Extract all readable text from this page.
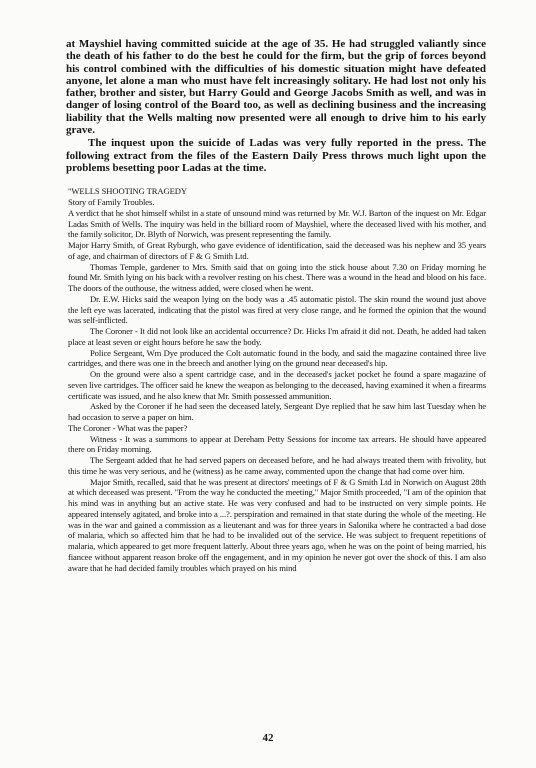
at Mayshiel having committed suicide at the age of 35. He had struggled valiantly since the death of his father to do the best he could for the firm, but the grip of forces beyond his control combined with the difficulties of his domestic situation might have defeated anyone, let alone a man who must have felt increasingly solitary. He had lost not only his father, brother and sister, but Harry Gould and George Jacobs Smith as well, and was in danger of losing control of the Board too, as well as declining business and the increasing liability that the Wells malting now presented were all enough to drive him to his early grave.

The inquest upon the suicide of Ladas was very fully reported in the press. The following extract from the files of the Eastern Daily Press throws much light upon the problems besetting poor Ladas at the time.

"WELLS SHOOTING TRAGEDY

Story of Family Troubles.

A verdict that he shot himself whilst in a state of unsound mind was returned by Mr. W.J. Barton of the inquest on Mr. Edgar Ladas Smith of Wells. The inquiry was held in the billiard room of Mayshiel, where the deceased lived with his mother, and the family solicitor, Dr. Blyth of Norwich, was present representing the family.

Major Harry Smith, of Great Ryburgh, who gave evidence of identification, said the deceased was his nephew and 35 years of age, and chairman of directors of F & G Smith Ltd.

Thomas Temple, gardener to Mrs. Smith said that on going into the stick house about 7.30 on Friday morning he found Mr. Smith lying on his back with a revolver resting on his chest. There was a wound in the head and blood on his face. The doors of the outhouse, the witness added, were closed when he went.

Dr. E.W. Hicks said the weapon lying on the body was a .45 automatic pistol. The skin round the wound just above the left eye was lacerated, indicating that the pistol was fired at very close range, and he formed the opinion that the wound was self-inflicted.

The Coroner - It did not look like an accidental occurrence? Dr. Hicks I'm afraid it did not. Death, he added had taken place at least seven or eight hours before he saw the body.

Police Sergeant, Wm Dye produced the Colt automatic found in the body, and said the magazine contained three live cartridges, and there was one in the breech and another lying on the ground near deceased's hip.

On the ground were also a spent cartridge case, and in the deceased's jacket pocket he found a spare magazine of seven live cartridges. The officer said he knew the weapon as belonging to the deceased, having examined it when a firearms certificate was issued, and he also knew that Mr. Smith possessed ammunition.

Asked by the Coroner if he had seen the deceased lately, Sergeant Dye replied that he saw him last Tuesday when he had occasion to serve a paper on him.

The Coroner - What was the paper?

Witness - It was a summons to appear at Dereham Petty Sessions for income tax arrears. He should have appeared there on Friday morning.

The Sergeant added that he had served papers on deceased before, and he had always treated them with frivolity, but this time he was very serious, and he (witness) as he came away, commented upon the change that had come over him.

Major Smith, recalled, said that he was present at directors' meetings of F & G Smith Ltd in Norwich on August 28th at which deceased was present. "From the way he conducted the meeting," Major Smith proceeded, "I am of the opinion that his mind was in anything but an active state. He was very confused and had to be instructed on very simple points. He appeared intensely agitated, and broke into a ...?. perspiration and remained in that state during the whole of the meeting. He was in the war and gained a commission as a lieutenant and was for three years in Salonika where he contracted a bad dose of malaria, which so affected him that he had to be invalided out of the service. He was subject to frequent repetitions of malaria, which appeared to get more frequent latterly. About three years ago, when he was on the point of being married, his fiancee without apparent reason broke off the engagement, and in my opinion he never got over the shock of this. I am also aware that he had decided family troubles which prayed on his mind

42
